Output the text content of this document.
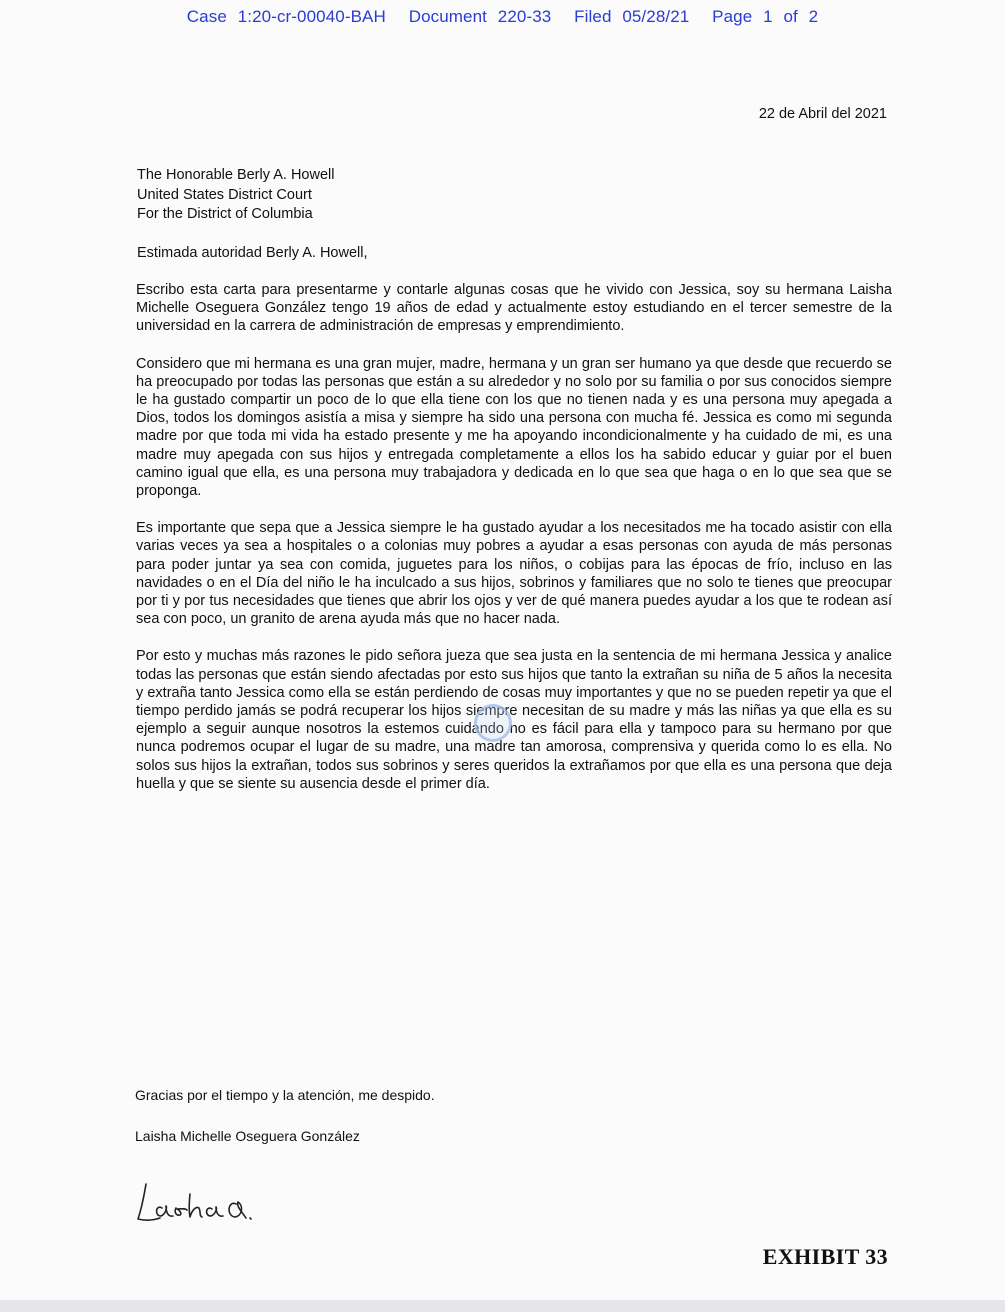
Case 1:20-cr-00040-BAH Document 220-33 Filed 05/28/21 Page 1 of 2
22 de Abril del 2021
The Honorable Berly A. Howell
United States District Court
For the District of Columbia
Estimada autoridad Berly A. Howell,

Escribo esta carta para presentarme y contarle algunas cosas que he vivido con Jessica, soy su hermana Laisha Michelle Oseguera González tengo 19 años de edad y actualmente estoy estudiando en el tercer semestre de la universidad en la carrera de administración de empresas y emprendimiento.

Considero que mi hermana es una gran mujer, madre, hermana y un gran ser humano ya que desde que recuerdo se ha preocupado por todas las personas que están a su alrededor y no solo por su familia o por sus conocidos siempre le ha gustado compartir un poco de lo que ella tiene con los que no tienen nada y es una persona muy apegada a Dios, todos los domingos asistía a misa y siempre ha sido una persona con mucha fé. Jessica es como mi segunda madre por que toda mi vida ha estado presente y me ha apoyando incondicionalmente y ha cuidado de mi, es una madre muy apegada con sus hijos y entregada completamente a ellos los ha sabido educar y guiar por el buen camino igual que ella, es una persona muy trabajadora y dedicada en lo que sea que haga o en lo que sea que se proponga.

Es importante que sepa que a Jessica siempre le ha gustado ayudar a los necesitados me ha tocado asistir con ella varias veces ya sea a hospitales o a colonias muy pobres a ayudar a esas personas con ayuda de más personas para poder juntar ya sea con comida, juguetes para los niños, o cobijas para las épocas de frío, incluso en las navidades o en el Día del niño le ha inculcado a sus hijos, sobrinos y familiares que no solo te tienes que preocupar por ti y por tus necesidades que tienes que abrir los ojos y ver de qué manera puedes ayudar a los que te rodean así sea con poco, un granito de arena ayuda más que no hacer nada.

Por esto y muchas más razones le pido señora jueza que sea justa en la sentencia de mi hermana Jessica y analice todas las personas que están siendo afectadas por esto sus hijos que tanto la extrañan su niña de 5 años la necesita y extraña tanto Jessica como ella se están perdiendo de cosas muy importantes y que no se pueden repetir ya que el tiempo perdido jamás se podrá recuperar los hijos siempre necesitan de su madre y más las niñas ya que ella es su ejemplo a seguir aunque nosotros la estemos cuidando no es fácil para ella y tampoco para su hermano por que nunca podremos ocupar el lugar de su madre, una madre tan amorosa, comprensiva y querida como lo es ella. No solos sus hijos la extrañan, todos sus sobrinos y seres queridos la extrañamos por que ella es una persona que deja huella y que se siente su ausencia desde el primer día.

Gracias por el tiempo y la atención, me despido.
Laisha Michelle Oseguera González
EXHIBIT 33
